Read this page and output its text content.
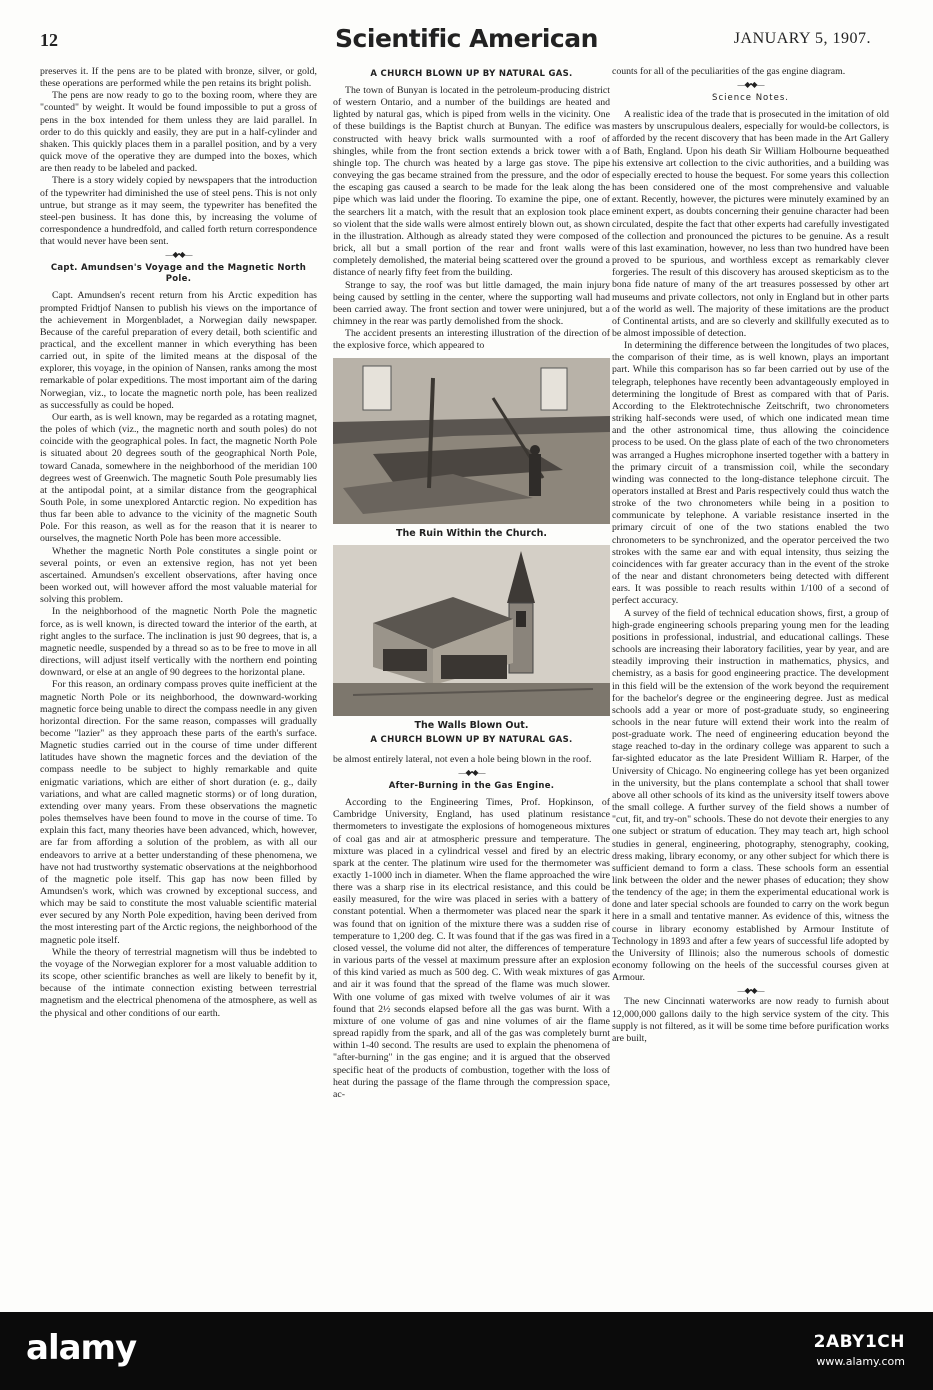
12	Scientific American	JANUARY 5, 1907.

preserves it. If the pens are to be plated with bronze, silver, or gold, these operations are performed while the pen retains its bright polish.

The pens are now ready to go to the boxing room, where they are "counted" by weight. It would be found impossible to put a gross of pens in the box intended for them unless they are laid parallel. In order to do this quickly and easily, they are put in a half-cylinder and shaken. This quickly places them in a parallel position, and by a very quick move of the operative they are dumped into the boxes, which are then ready to be labeled and packed.

There is a story widely copied by newspapers that the introduction of the typewriter had diminished the use of steel pens. This is not only untrue, but strange as it may seem, the typewriter has benefited the steel-pen business. It has done this, by increasing the volume of correspondence a hundredfold, and called forth return correspondence that would never have been sent.

—◆•◆—
Capt. Amundsen's Voyage and the Magnetic North Pole.

Capt. Amundsen's recent return from his Arctic expedition has prompted Fridtjof Nansen to publish his views on the importance of the achievement in Morgenbladet, a Norwegian daily newspaper. Because of the careful preparation of every detail, both scientific and practical, and the excellent manner in which everything has been carried out, in spite of the limited means at the disposal of the explorer, this voyage, in the opinion of Nansen, ranks among the most remarkable of polar expeditions. The most important aim of the daring Norwegian, viz., to locate the magnetic north pole, has been realized as successfully as could be hoped.

Our earth, as is well known, may be regarded as a rotating magnet, the poles of which (viz., the magnetic north and south poles) do not coincide with the geographical poles. In fact, the magnetic North Pole is situated about 20 degrees south of the geographical North Pole, toward Canada, somewhere in the neighborhood of the meridian 100 degrees west of Greenwich. The magnetic South Pole presumably lies at the antipodal point, at a similar distance from the geographical South Pole, in some unexplored Antarctic region. No expedition has thus far been able to advance to the vicinity of the magnetic South Pole. For this reason, as well as for the reason that it is nearer to ourselves, the magnetic North Pole has been more accessible.

Whether the magnetic North Pole constitutes a single point or several points, or even an extensive region, has not yet been ascertained. Amundsen's excellent observations, after having once been worked out, will however afford the most valuable material for solving this problem.

In the neighborhood of the magnetic North Pole the magnetic force, as is well known, is directed toward the interior of the earth, at right angles to the surface. The inclination is just 90 degrees, that is, a magnetic needle, suspended by a thread so as to be free to move in all directions, will adjust itself vertically with the northern end pointing downward, or else at an angle of 90 degrees to the horizontal plane.

For this reason, an ordinary compass proves quite inefficient at the magnetic North Pole or its neighborhood, the downward-working magnetic force being unable to direct the compass needle in any given horizontal direction. For the same reason, compasses will gradually become "lazier" as they approach these parts of the earth's surface. Magnetic studies carried out in the course of time under different latitudes have shown the magnetic forces and the deviation of the compass needle to be subject to highly remarkable and quite enigmatic variations, which are either of short duration (e. g., daily variations, and what are called magnetic storms) or of long duration, extending over many years. From these observations the magnetic poles themselves have been found to move in the course of time. To explain this fact, many theories have been advanced, which, however, are far from affording a solution of the problem, as with all our endeavors to arrive at a better understanding of these phenomena, we have not had trustworthy systematic observations at the neighborhood of the magnetic pole itself. This gap has now been filled by Amundsen's work, which was crowned by exceptional success, and which may be said to constitute the most valuable scientific material ever secured by any North Pole expedition, having been derived from the most interesting part of the Arctic regions, the neighborhood of the magnetic pole itself.

While the theory of terrestrial magnetism will thus be indebted to the voyage of the Norwegian explorer for a most valuable addition to its scope, other scientific branches as well are likely to benefit by it, because of the intimate connection existing between terrestrial magnetism and the electrical phenomena of the atmosphere, as well as the physical and other conditions of our earth.

A CHURCH BLOWN UP BY NATURAL GAS.

The town of Bunyan is located in the petroleum-producing district of western Ontario, and a number of the buildings are heated and lighted by natural gas, which is piped from wells in the vicinity. One of these buildings is the Baptist church at Bunyan. The edifice was constructed with heavy brick walls surmounted with a roof of shingles, while from the front section extends a brick tower with a shingle top. The church was heated by a large gas stove. The pipe conveying the gas became strained from the pressure, and the odor of the escaping gas caused a search to be made for the leak along the pipe which was laid under the flooring. To examine the pipe, one of the searchers lit a match, with the result that an explosion took place so violent that the side walls were almost entirely blown out, as shown in the illustration. Although as already stated they were composed of brick, all but a small portion of the rear and front walls were completely demolished, the material being scattered over the ground a distance of nearly fifty feet from the building.

Strange to say, the roof was but little damaged, the main injury being caused by settling in the center, where the supporting wall had been carried away. The front section and tower were uninjured, but a chimney in the rear was partly demolished from the shock.

The accident presents an interesting illustration of the direction of the explosive force, which appeared to

The Ruin Within the Church.
The Walls Blown Out.
A CHURCH BLOWN UP BY NATURAL GAS.

be almost entirely lateral, not even a hole being blown in the roof.

—◆•◆—
After-Burning in the Gas Engine.

According to the Engineering Times, Prof. Hopkinson, of Cambridge University, England, has used platinum resistance thermometers to investigate the explosions of homogeneous mixtures of coal gas and air at atmospheric pressure and temperature. The mixture was placed in a cylindrical vessel and fired by an electric spark at the center. The platinum wire used for the thermometer was exactly 1-1000 inch in diameter. When the flame approached the wire there was a sharp rise in its electrical resistance, and this could be easily measured, for the wire was placed in series with a battery of constant potential. When a thermometer was placed near the spark it was found that on ignition of the mixture there was a sudden rise of temperature to 1,200 deg. C. It was found that if the gas was fired in a closed vessel, the volume did not alter, the differences of temperature in various parts of the vessel at maximum pressure after an explosion of this kind varied as much as 500 deg. C. With weak mixtures of gas and air it was found that the spread of the flame was much slower. With one volume of gas mixed with twelve volumes of air it was found that 2½ seconds elapsed before all the gas was burnt. With a mixture of one volume of gas and nine volumes of air the flame spread rapidly from the spark, and all of the gas was completely burnt within 1-40 second. The results are used to explain the phenomena of "after-burning" in the gas engine; and it is argued that the observed specific heat of the products of combustion, together with the loss of heat during the passage of the flame through the compression space, ac-

counts for all of the peculiarities of the gas engine diagram.

—◆•◆—
Science Notes.

A realistic idea of the trade that is prosecuted in the imitation of old masters by unscrupulous dealers, especially for would-be collectors, is afforded by the recent discovery that has been made in the Art Gallery of Bath, England. Upon his death Sir William Holbourne bequeathed his extensive art collection to the civic authorities, and a building was especially erected to house the bequest. For some years this collection has been considered one of the most comprehensive and valuable extant. Recently, however, the pictures were minutely examined by an eminent expert, as doubts concerning their genuine character had been circulated, despite the fact that other experts had carefully investigated the collection and pronounced the pictures to be genuine. As a result of this last examination, however, no less than two hundred have been proved to be spurious, and worthless except as remarkably clever forgeries. The result of this discovery has aroused skepticism as to the bona fide nature of many of the art treasures possessed by other art museums and private collectors, not only in England but in other parts of the world as well. The majority of these imitations are the product of Continental artists, and are so cleverly and skillfully executed as to be almost impossible of detection.

In determining the difference between the longitudes of two places, the comparison of their time, as is well known, plays an important part. While this comparison has so far been carried out by use of the telegraph, telephones have recently been advantageously employed in determining the longitude of Brest as compared with that of Paris. According to the Elektrotechnische Zeitschrift, two chronometers striking half-seconds were used, of which one indicated mean time and the other astronomical time, thus allowing the coincidence process to be used. On the glass plate of each of the two chronometers was arranged a Hughes microphone inserted together with a battery in the primary circuit of a transmission coil, while the secondary winding was connected to the long-distance telephone circuit. The operators installed at Brest and Paris respectively could thus watch the stroke of the two chronometers while being in a position to communicate by telephone. A variable resistance inserted in the primary circuit of one of the two stations enabled the two chronometers to be synchronized, and the operator perceived the two strokes with the same ear and with equal intensity, thus seizing the coincidences with far greater accuracy than in the event of the stroke of the near and distant chronometers being detected with different ears. It was possible to reach results within 1/100 of a second of perfect accuracy.

A survey of the field of technical education shows, first, a group of high-grade engineering schools preparing young men for the leading positions in professional, industrial, and educational callings. These schools are increasing their laboratory facilities, year by year, and are steadily improving their instruction in mathematics, physics, and chemistry, as a basis for good engineering practice. The development in this field will be the extension of the work beyond the requirement for the bachelor's degree or the engineering degree. Just as medical schools add a year or more of post-graduate study, so engineering schools in the near future will extend their work into the realm of post-graduate work. The need of engineering education beyond the stage reached to-day in the ordinary college was apparent to such a far-sighted educator as the late President William R. Harper, of the University of Chicago. No engineering college has yet been organized in the university, but the plans contemplate a school that shall tower above all other schools of its kind as the university itself towers above the small college. A further survey of the field shows a number of "cut, fit, and try-on" schools. These do not devote their energies to any one subject or stratum of education. They may teach art, high school studies in general, engineering, photography, stenography, cooking, dress making, library economy, or any other subject for which there is sufficient demand to form a class. These schools form an essential link between the older and the newer phases of education; they show the tendency of the age; in them the experimental educational work is done and later special schools are founded to carry on the work begun here in a small and tentative manner. As evidence of this, witness the course in library economy established by Armour Institute of Technology in 1893 and after a few years of successful life adopted by the University of Illinois; also the numerous schools of domestic economy following on the heels of the successful courses given at Armour.

—◆•◆—

The new Cincinnati waterworks are now ready to furnish about 12,000,000 gallons daily to the high service system of the city. This supply is not filtered, as it will be some time before purification works are built,

alamy	2ABY1CH
www.alamy.com
